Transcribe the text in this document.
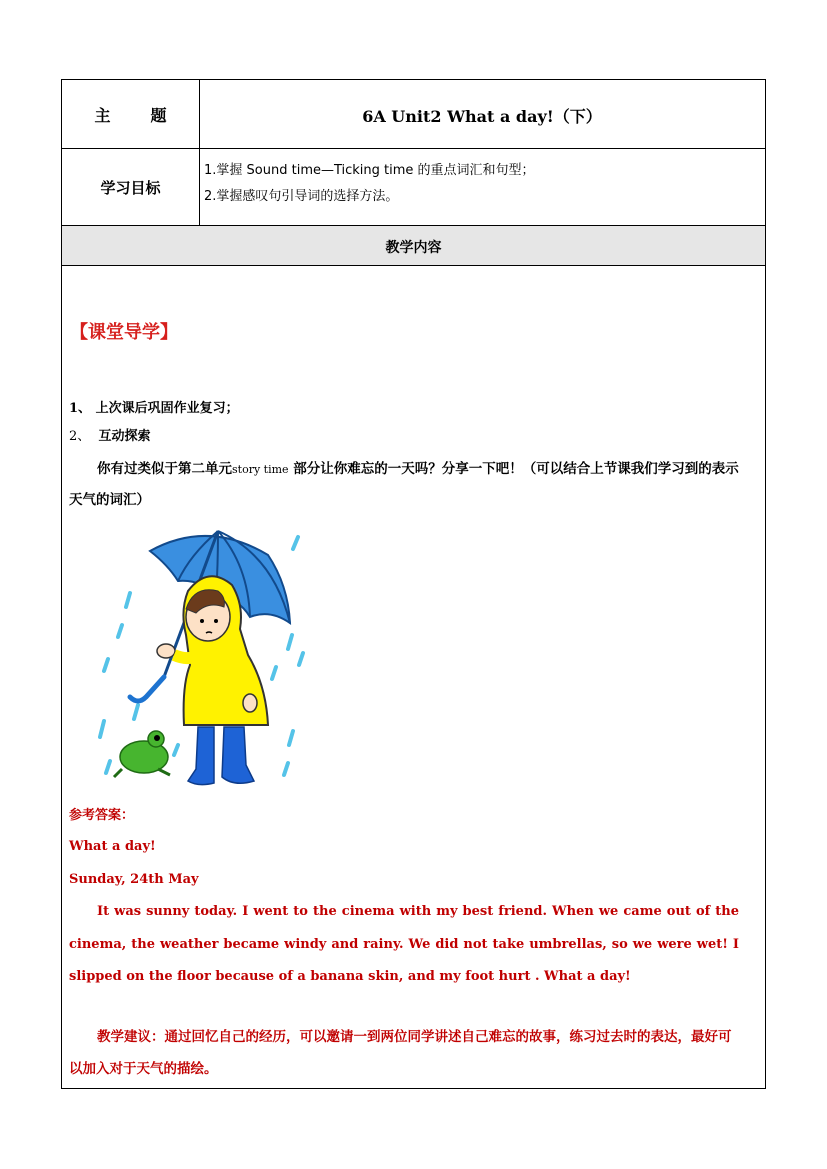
主题	6A Unit2 What a day!（下）
学习目标
1.掌握 Sound time—Ticking time 的重点词汇和句型；
2.掌握感叹句引导词的选择方法。
教学内容
【课堂导学】
1、 上次课后巩固作业复习；
2、 互动探索
你有过类似于第二单元story time 部分让你难忘的一天吗？分享一下吧！（可以结合上节课我们学习到的表示天气的词汇）
参考答案：
What a day!
Sunday, 24th May
It was sunny today. I went to the cinema with my best friend. When we came out of the cinema, the weather became windy and rainy. We did not take umbrellas, so we were wet! I slipped on the floor because of a banana skin, and my foot hurt . What a day!
教学建议：通过回忆自己的经历，可以邀请一到两位同学讲述自己难忘的故事，练习过去时的表达，最好可以加入对于天气的描绘。
